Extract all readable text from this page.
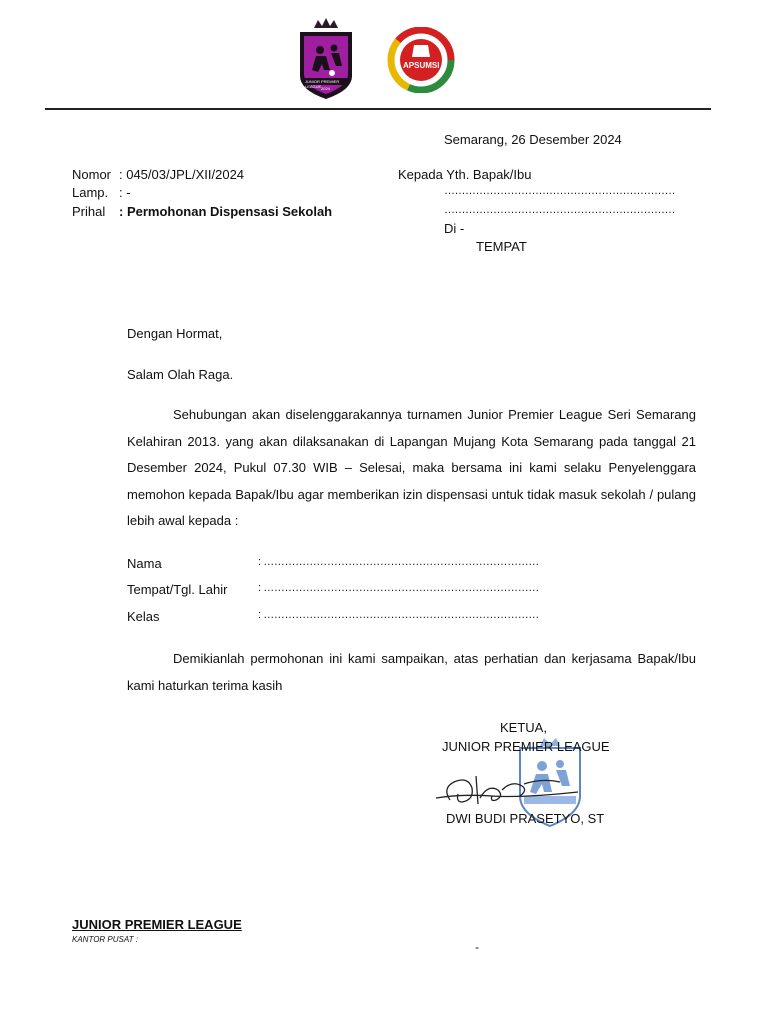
JUNIOR PREMIER LEAGUE 2024
APSUMSI
Semarang, 26 Desember 2024
Nomor : 045/03/JPL/XII/2024
Lamp. : -
Prihal : Permohonan Dispensasi Sekolah
Kepada Yth. Bapak/Ibu
…………………………………………………………
…………………………………………………………
Di -
TEMPAT
Dengan Hormat,
Salam Olah Raga.
Sehubungan akan diselenggarakannya turnamen Junior Premier League Seri Semarang Kelahiran 2013. yang akan dilaksanakan di Lapangan Mujang Kota Semarang pada tanggal 21 Desember 2024, Pukul 07.30 WIB – Selesai, maka bersama ini kami selaku Penyelenggara memohon kepada Bapak/Ibu agar memberikan izin dispensasi untuk tidak masuk sekolah / pulang lebih awal kepada :
Nama	: ……………………………………………………………………
Tempat/Tgl. Lahir	: ……………………………………………………………………
Kelas	: ……………………………………………………………………
Demikianlah permohonan ini kami sampaikan, atas perhatian dan kerjasama Bapak/Ibu kami haturkan terima kasih
KETUA,
JUNIOR PREMIER LEAGUE
DWI BUDI PRASETYO, ST
JUNIOR PREMIER LEAGUE
KANTOR PUSAT :
-
